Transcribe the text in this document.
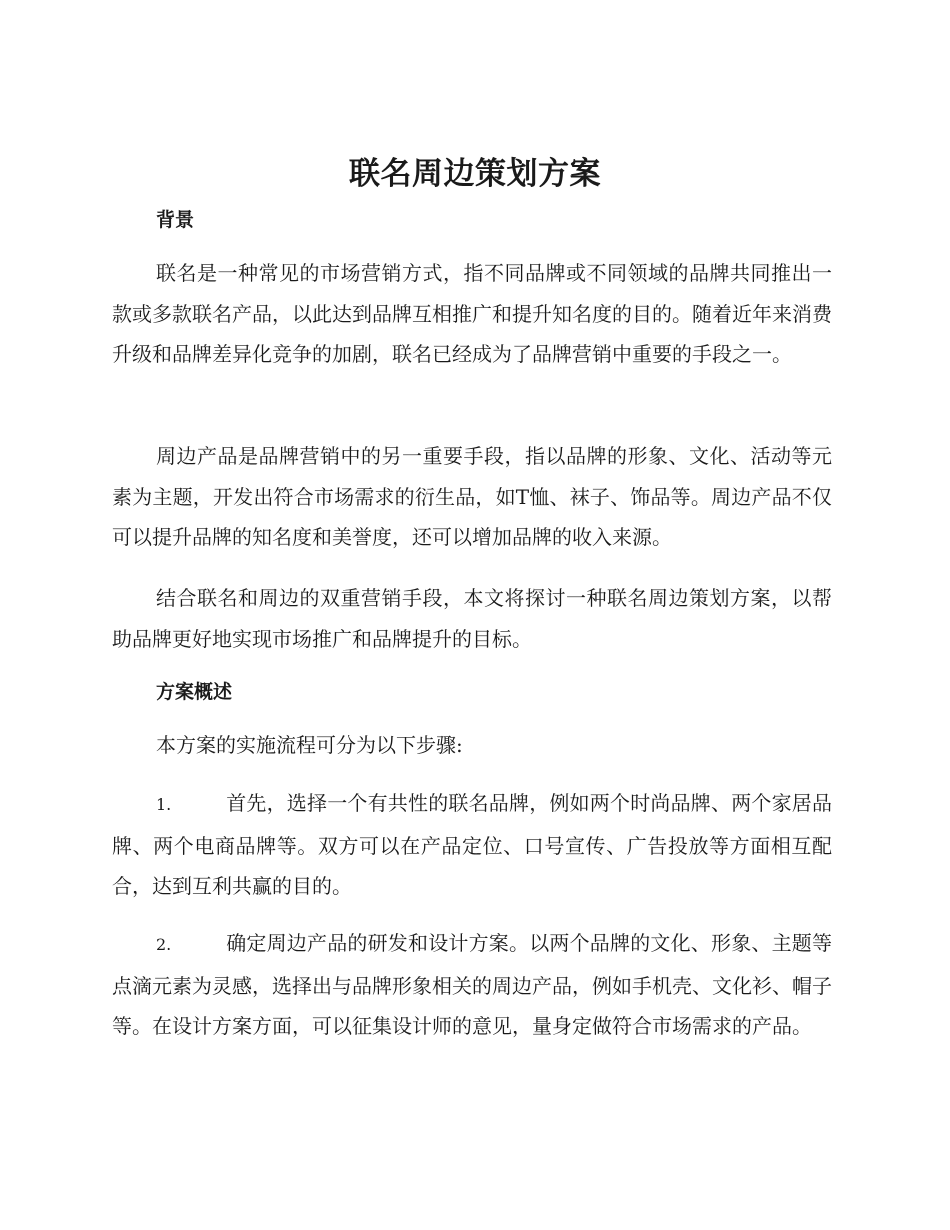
联名周边策划方案
背景

联名是一种常见的市场营销方式，指不同品牌或不同领域的品牌共同推出一款或多款联名产品，以此达到品牌互相推广和提升知名度的目的。随着近年来消费升级和品牌差异化竞争的加剧，联名已经成为了品牌营销中重要的手段之一。

周边产品是品牌营销中的另一重要手段，指以品牌的形象、文化、活动等元素为主题，开发出符合市场需求的衍生品，如T恤、袜子、饰品等。周边产品不仅可以提升品牌的知名度和美誉度，还可以增加品牌的收入来源。

结合联名和周边的双重营销手段，本文将探讨一种联名周边策划方案，以帮助品牌更好地实现市场推广和品牌提升的目标。

方案概述

本方案的实施流程可分为以下步骤:

1.	首先，选择一个有共性的联名品牌，例如两个时尚品牌、两个家居品牌、两个电商品牌等。双方可以在产品定位、口号宣传、广告投放等方面相互配合，达到互利共赢的目的。

2.	确定周边产品的研发和设计方案。以两个品牌的文化、形象、主题等点滴元素为灵感，选择出与品牌形象相关的周边产品，例如手机壳、文化衫、帽子等。在设计方案方面，可以征集设计师的意见，量身定做符合市场需求的产品。
